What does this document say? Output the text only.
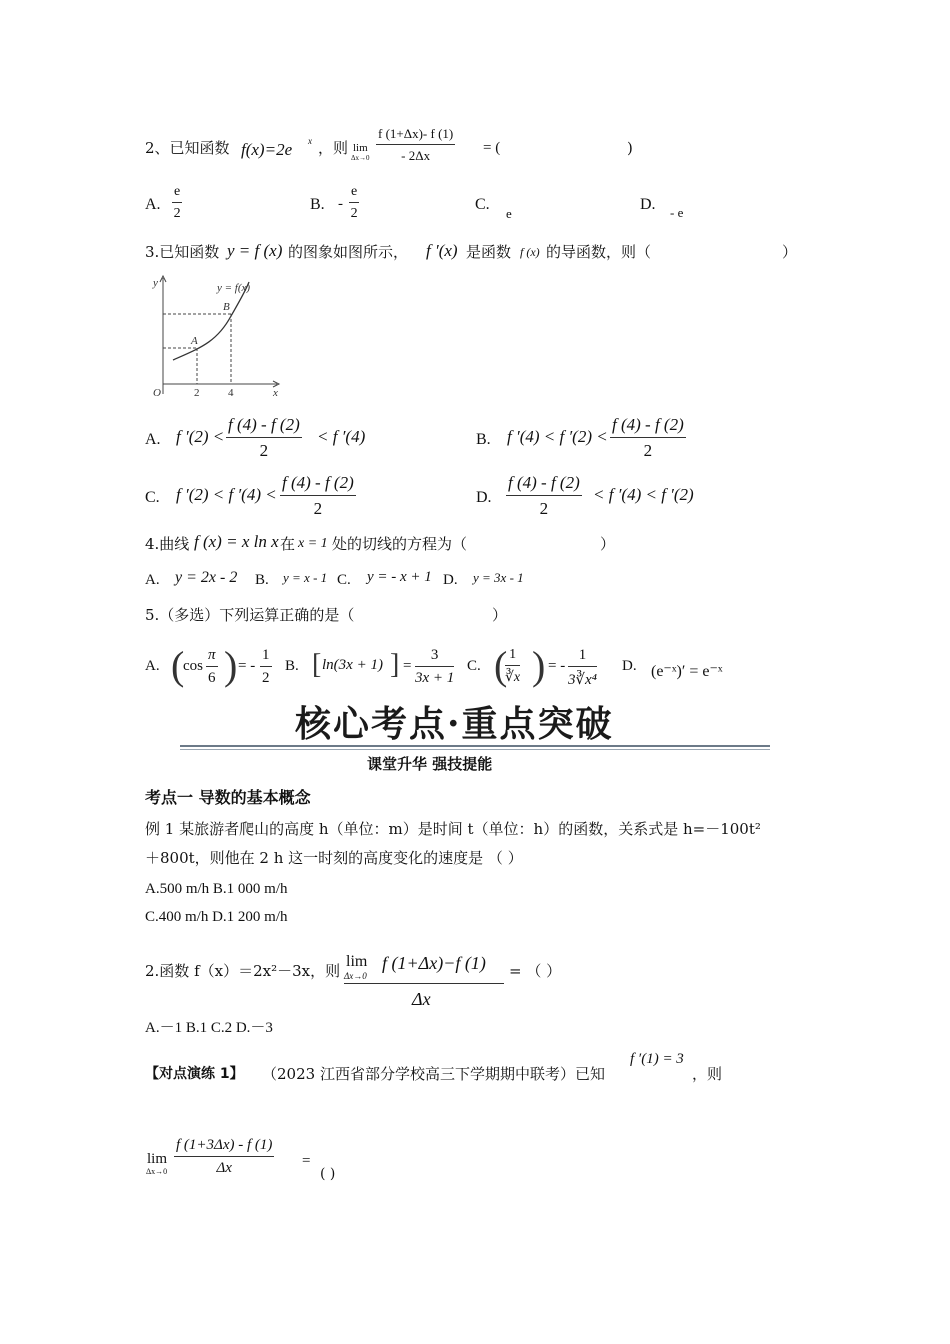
2、已知函数 f(x)=2e x ，则 lim
$\Delta x\to 0 \frac{f (1+\Delta x)- f (1)}{- 2\Delta x}$ = (	)
A. $\frac{e}{2}$	B. - $\frac{e}{2}$	C.
e
D. - e
3.已知函数 y = f (x) 的图象如图所示， f ′(x) 是函数 f (x) 的导函数，则（	）
y = f(x)
y
x
O
A
B
2	4
A. f $'(2) < \frac{f (4) - f (2)}{2} < f$ ′(4)	B. f ′(4) < f $'(2) < \frac{f (4) - f (2)}{2}$
C. f ′(2) < f $'(4) < \frac{f (4) - f (2)}{2}$	D. $\frac{f (4) - f (2)}{2} < f$ ′(4) < f ′(2)
4.曲线 f (x) = x ln x 在 x = 1 处的切线的方程为（	）
A. y = 2x - 2 B. y = x - 1 C. y = - x + 1 D. y = 3x - 1
5.（多选）下列运算正确的是（	）
A. (
$\cos \frac{\pi}{6}$ ) = - $\frac{1}{2} B$. [ ln(3x + 1) ] = $\frac{3}{3x + 1} C$. (
$\frac{1}{∛x}$ ) = - $\frac{1}{\text{3∛x⁴}} D$. (e⁻ˣ)′ = e⁻ˣ
核心考点·重点突破
课堂升华 强技提能
考点一 导数的基本概念
例 1 某旅游者爬山的高度 h（单位：m）是时间 t（单位：h）的函数，关系式是 h=－100t²
＋800t，则他在 2 h 这一时刻的高度变化的速度是 （ ）
A.500 m/h B.1 000 m/h
C.400 m/h D.1 200 m/h
2.函数 f（x）＝2x²－3x，则
lim
Δx→0
f (1+Δx)−f (1)
Δx
= （ ）
A.－1 B.1 C.2 D.－3
【对点演练 1】 （2023 江西省部分学校高三下学期期中联考）已知
f ′(1) = 3
，则
lim
$\Delta x\to 0 \frac{f (1+3\Delta x) - f (1)}{\Delta x}$ =
( )
